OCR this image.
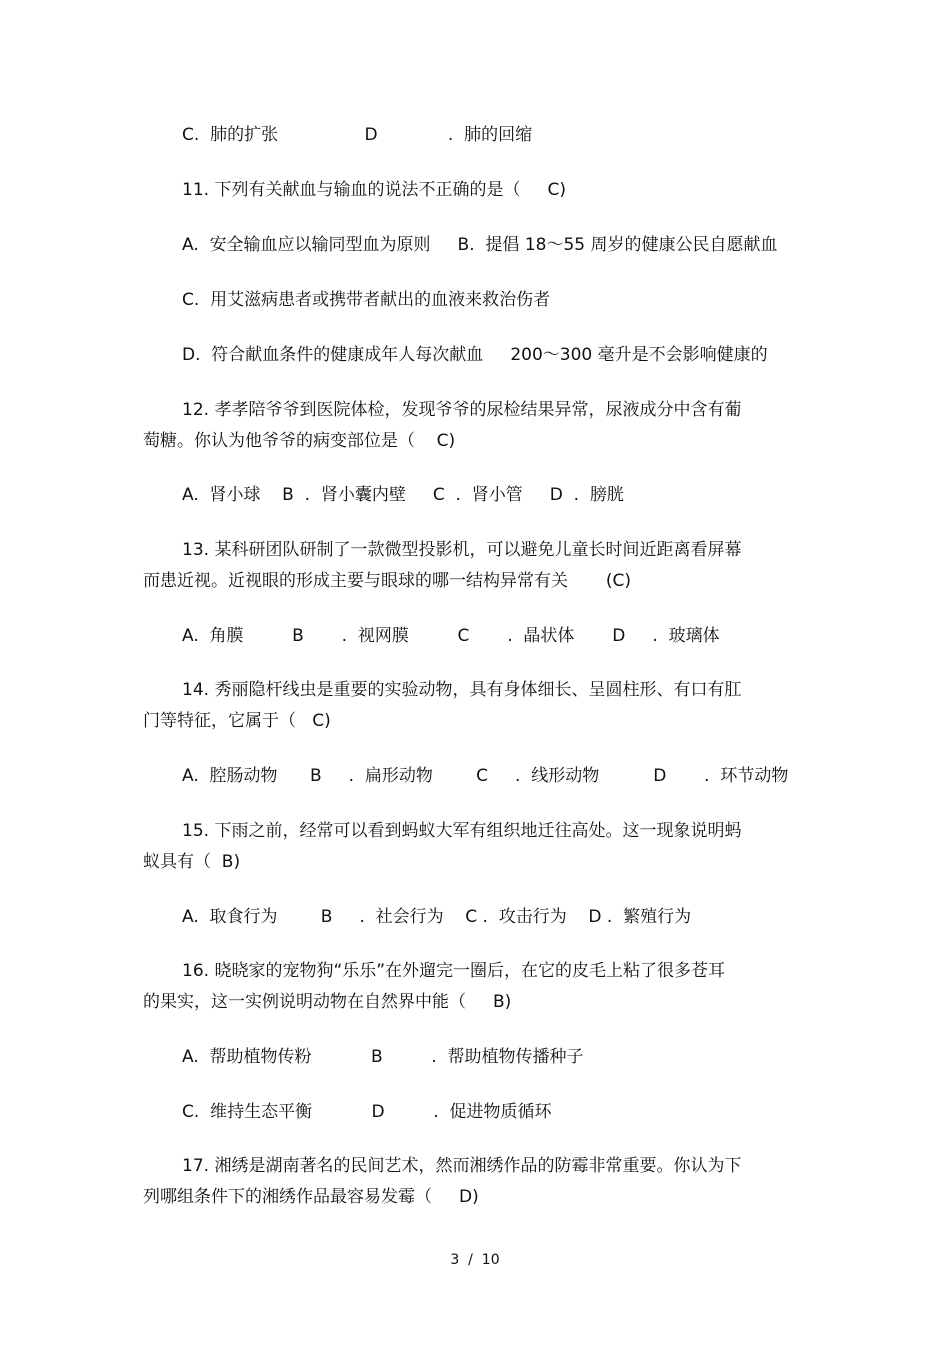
C.  肺的扩张                D             .  肺的回缩
11. 下列有关献血与输血的说法不正确的是（     C)
A.  安全输血应以输同型血为原则     B.  提倡 18～55 周岁的健康公民自愿献血
C.  用艾滋病患者或携带者献出的血液来救治伤者
D.  符合献血条件的健康成年人每次献血     200～300 毫升是不会影响健康的
12. 孝孝陪爷爷到医院体检，发现爷爷的尿检结果异常，尿液成分中含有葡
萄糖。你认为他爷爷的病变部位是（    C)
A.  肾小球    B  .  肾小囊内壁     C  .  肾小管     D  .  膀胱
13. 某科研团队研制了一款微型投影机，可以避免儿童长时间近距离看屏幕
而患近视。近视眼的形成主要与眼球的哪一结构异常有关       (C)
A.  角膜         B       .  视网膜         C       .  晶状体       D     .  玻璃体
14. 秀丽隐杆线虫是重要的实验动物，具有身体细长、呈圆柱形、有口有肛
门等特征，它属于（   C)
A.  腔肠动物      B     .  扁形动物        C     .  线形动物          D       .  环节动物
15. 下雨之前，经常可以看到蚂蚁大军有组织地迁往高处。这一现象说明蚂
蚁具有（  B)
A.  取食行为        B     .  社会行为    C .  攻击行为    D .  繁殖行为
16. 晓晓家的宠物狗“乐乐”在外遛完一圈后，在它的皮毛上粘了很多苍耳
的果实，这一实例说明动物在自然界中能（     B)
A.  帮助植物传粉           B         .  帮助植物传播种子
C.  维持生态平衡           D         .  促进物质循环
17. 湘绣是湖南著名的民间艺术，然而湘绣作品的防霉非常重要。你认为下
列哪组条件下的湘绣作品最容易发霉（     D)
3  /  10
